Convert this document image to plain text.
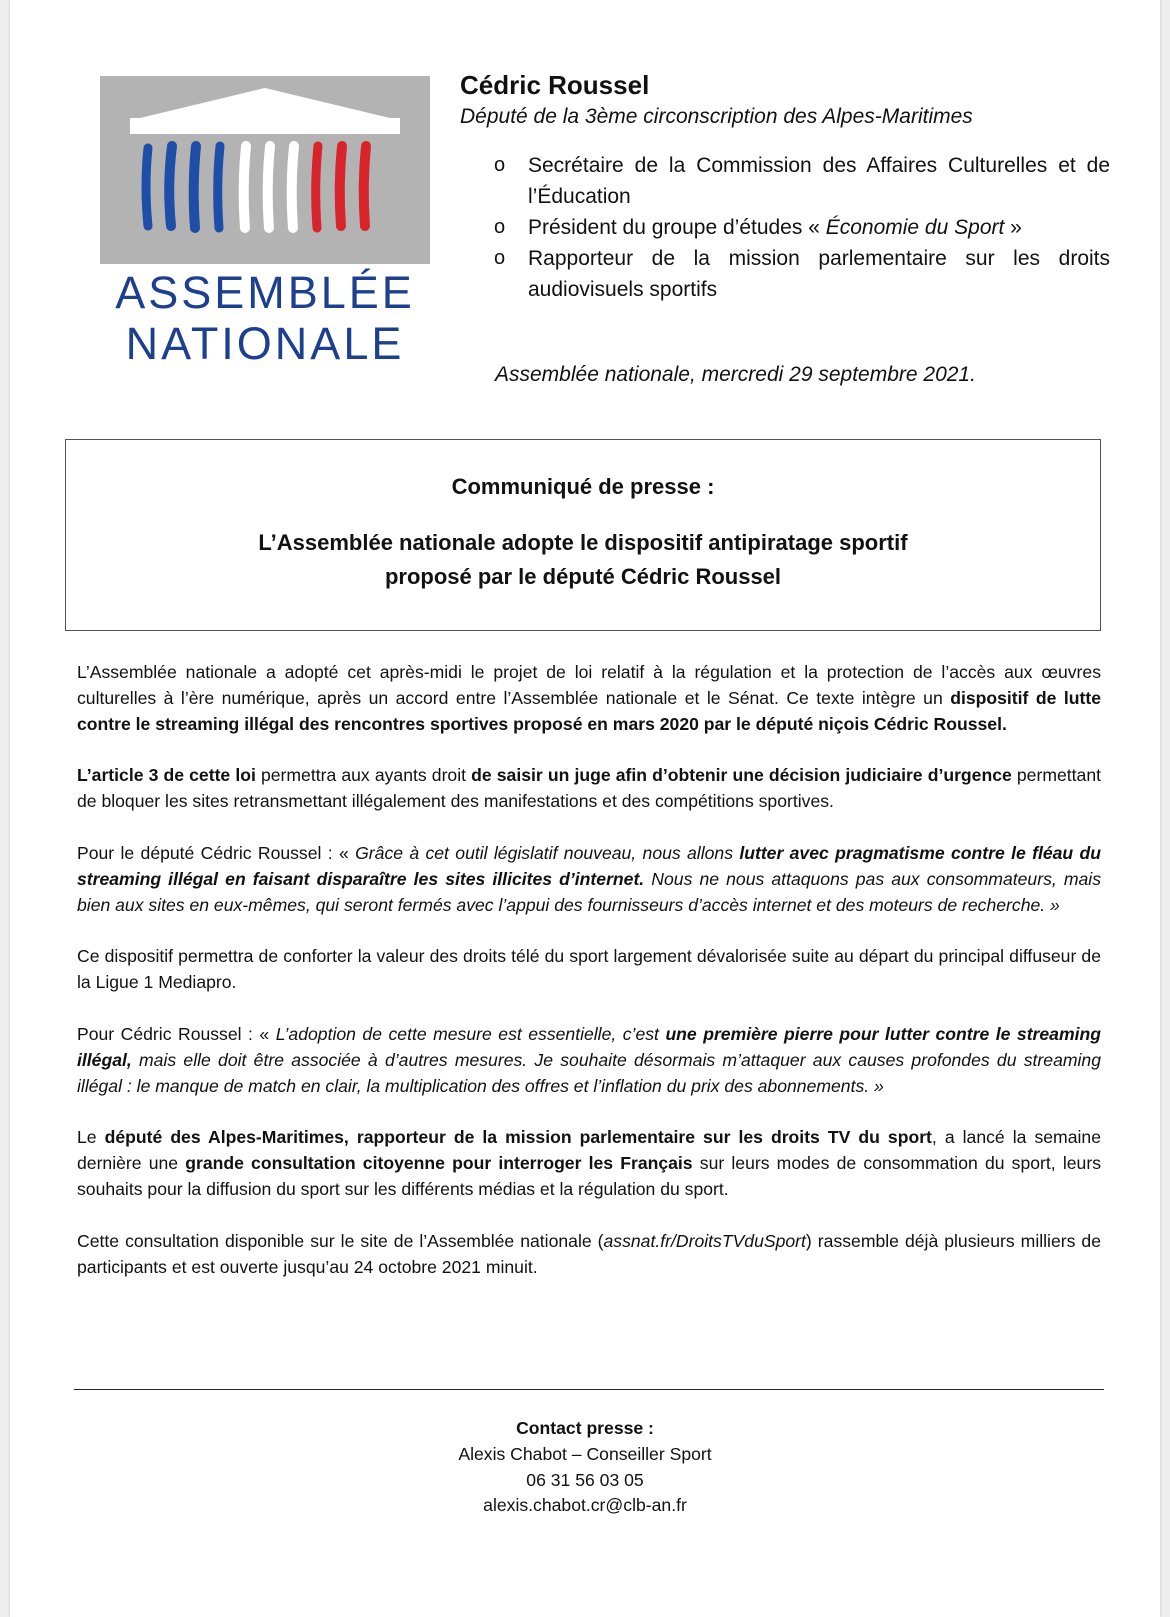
ASSEMBLÉE
NATIONALE

Cédric Roussel

Député de la 3ème circonscription des Alpes-Maritimes

o Secrétaire de la Commission des Affaires Culturelles et de l’Éducation
o Président du groupe d’études « Économie du Sport »
o Rapporteur de la mission parlementaire sur les droits audiovisuels sportifs
Assemblée nationale, mercredi 29 septembre 2021.
Communiqué de presse :
L’Assemblée nationale adopte le dispositif antipiratage sportif
proposé par le député Cédric Roussel

L’Assemblée nationale a adopté cet après-midi le projet de loi relatif à la régulation et la protection de l’accès aux œuvres culturelles à l’ère numérique, après un accord entre l’Assemblée nationale et le Sénat. Ce texte intègre un dispositif de lutte contre le streaming illégal des rencontres sportives proposé en mars 2020 par le député niçois Cédric Roussel.

L’article 3 de cette loi permettra aux ayants droit de saisir un juge afin d’obtenir une décision judiciaire d’urgence permettant de bloquer les sites retransmettant illégalement des manifestations et des compétitions sportives.

Pour le député Cédric Roussel : « Grâce à cet outil législatif nouveau, nous allons lutter avec pragmatisme contre le fléau du streaming illégal en faisant disparaître les sites illicites d’internet. Nous ne nous attaquons pas aux consommateurs, mais bien aux sites en eux-mêmes, qui seront fermés avec l’appui des fournisseurs d’accès internet et des moteurs de recherche. »

Ce dispositif permettra de conforter la valeur des droits télé du sport largement dévalorisée suite au départ du principal diffuseur de la Ligue 1 Mediapro.

Pour Cédric Roussel : « L’adoption de cette mesure est essentielle, c’est une première pierre pour lutter contre le streaming illégal, mais elle doit être associée à d’autres mesures. Je souhaite désormais m’attaquer aux causes profondes du streaming illégal : le manque de match en clair, la multiplication des offres et l’inflation du prix des abonnements. »

Le député des Alpes-Maritimes, rapporteur de la mission parlementaire sur les droits TV du sport, a lancé la semaine dernière une grande consultation citoyenne pour interroger les Français sur leurs modes de consommation du sport, leurs souhaits pour la diffusion du sport sur les différents médias et la régulation du sport.

Cette consultation disponible sur le site de l’Assemblée nationale (assnat.fr/DroitsTVduSport) rassemble déjà plusieurs milliers de participants et est ouverte jusqu’au 24 octobre 2021 minuit.

Contact presse :
Alexis Chabot – Conseiller Sport
06 31 56 03 05
alexis.chabot.cr@clb-an.fr
